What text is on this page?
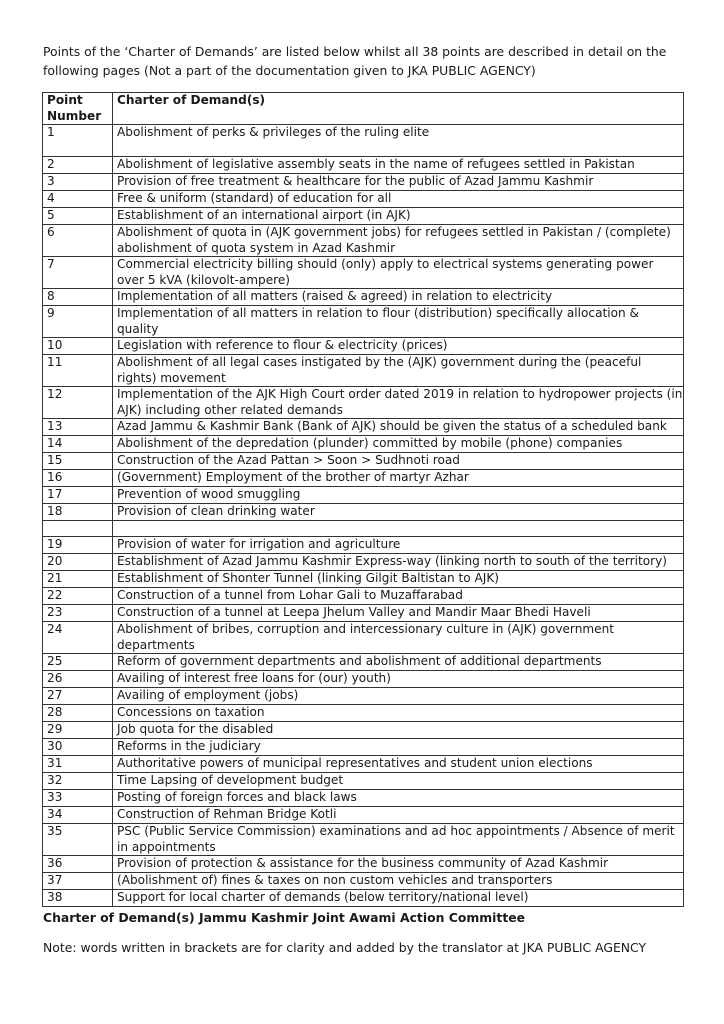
Points of the ‘Charter of Demands’ are listed below whilst all 38 points are described in detail on the
following pages (Not a part of the documentation given to JKA PUBLIC AGENCY)
Point Number	Charter of Demand(s)
1	Abolishment of perks & privileges of the ruling elite
2	Abolishment of legislative assembly seats in the name of refugees settled in Pakistan
3	Provision of free treatment & healthcare for the public of Azad Jammu Kashmir
4	Free & uniform (standard) of education for all
5	Establishment of an international airport (in AJK)
6	Abolishment of quota in (AJK government jobs) for refugees settled in Pakistan / (complete) abolishment of quota system in Azad Kashmir
7	Commercial electricity billing should (only) apply to electrical systems generating power over 5 kVA (kilovolt-ampere)
8	Implementation of all matters (raised & agreed) in relation to electricity
9	Implementation of all matters in relation to flour (distribution) specifically allocation & quality
10	Legislation with reference to flour & electricity (prices)
11	Abolishment of all legal cases instigated by the (AJK) government during the (peaceful rights) movement
12	Implementation of the AJK High Court order dated 2019 in relation to hydropower projects (in AJK) including other related demands
13	Azad Jammu & Kashmir Bank (Bank of AJK) should be given the status of a scheduled bank
14	Abolishment of the depredation (plunder) committed by mobile (phone) companies
15	Construction of the Azad Pattan > Soon > Sudhnoti road
16	(Government) Employment of the brother of martyr Azhar
17	Prevention of wood smuggling
18	Provision of clean drinking water

19	Provision of water for irrigation and agriculture
20	Establishment of Azad Jammu Kashmir Express-way (linking north to south of the territory)
21	Establishment of Shonter Tunnel (linking Gilgit Baltistan to AJK)
22	Construction of a tunnel from Lohar Gali to Muzaffarabad
23	Construction of a tunnel at Leepa Jhelum Valley and Mandir Maar Bhedi Haveli
24	Abolishment of bribes, corruption and intercessionary culture in (AJK) government departments
25	Reform of government departments and abolishment of additional departments
26	Availing of interest free loans for (our) youth)
27	Availing of employment (jobs)
28	Concessions on taxation
29	Job quota for the disabled
30	Reforms in the judiciary
31	Authoritative powers of municipal representatives and student union elections
32	Time Lapsing of development budget
33	Posting of foreign forces and black laws
34	Construction of Rehman Bridge Kotli
35	PSC (Public Service Commission) examinations and ad hoc appointments / Absence of merit in appointments
36	Provision of protection & assistance for the business community of Azad Kashmir
37	(Abolishment of) fines & taxes on non custom vehicles and transporters
38	Support for local charter of demands (below territory/national level)
Charter of Demand(s) Jammu Kashmir Joint Awami Action Committee
Note: words written in brackets are for clarity and added by the translator at JKA PUBLIC AGENCY
